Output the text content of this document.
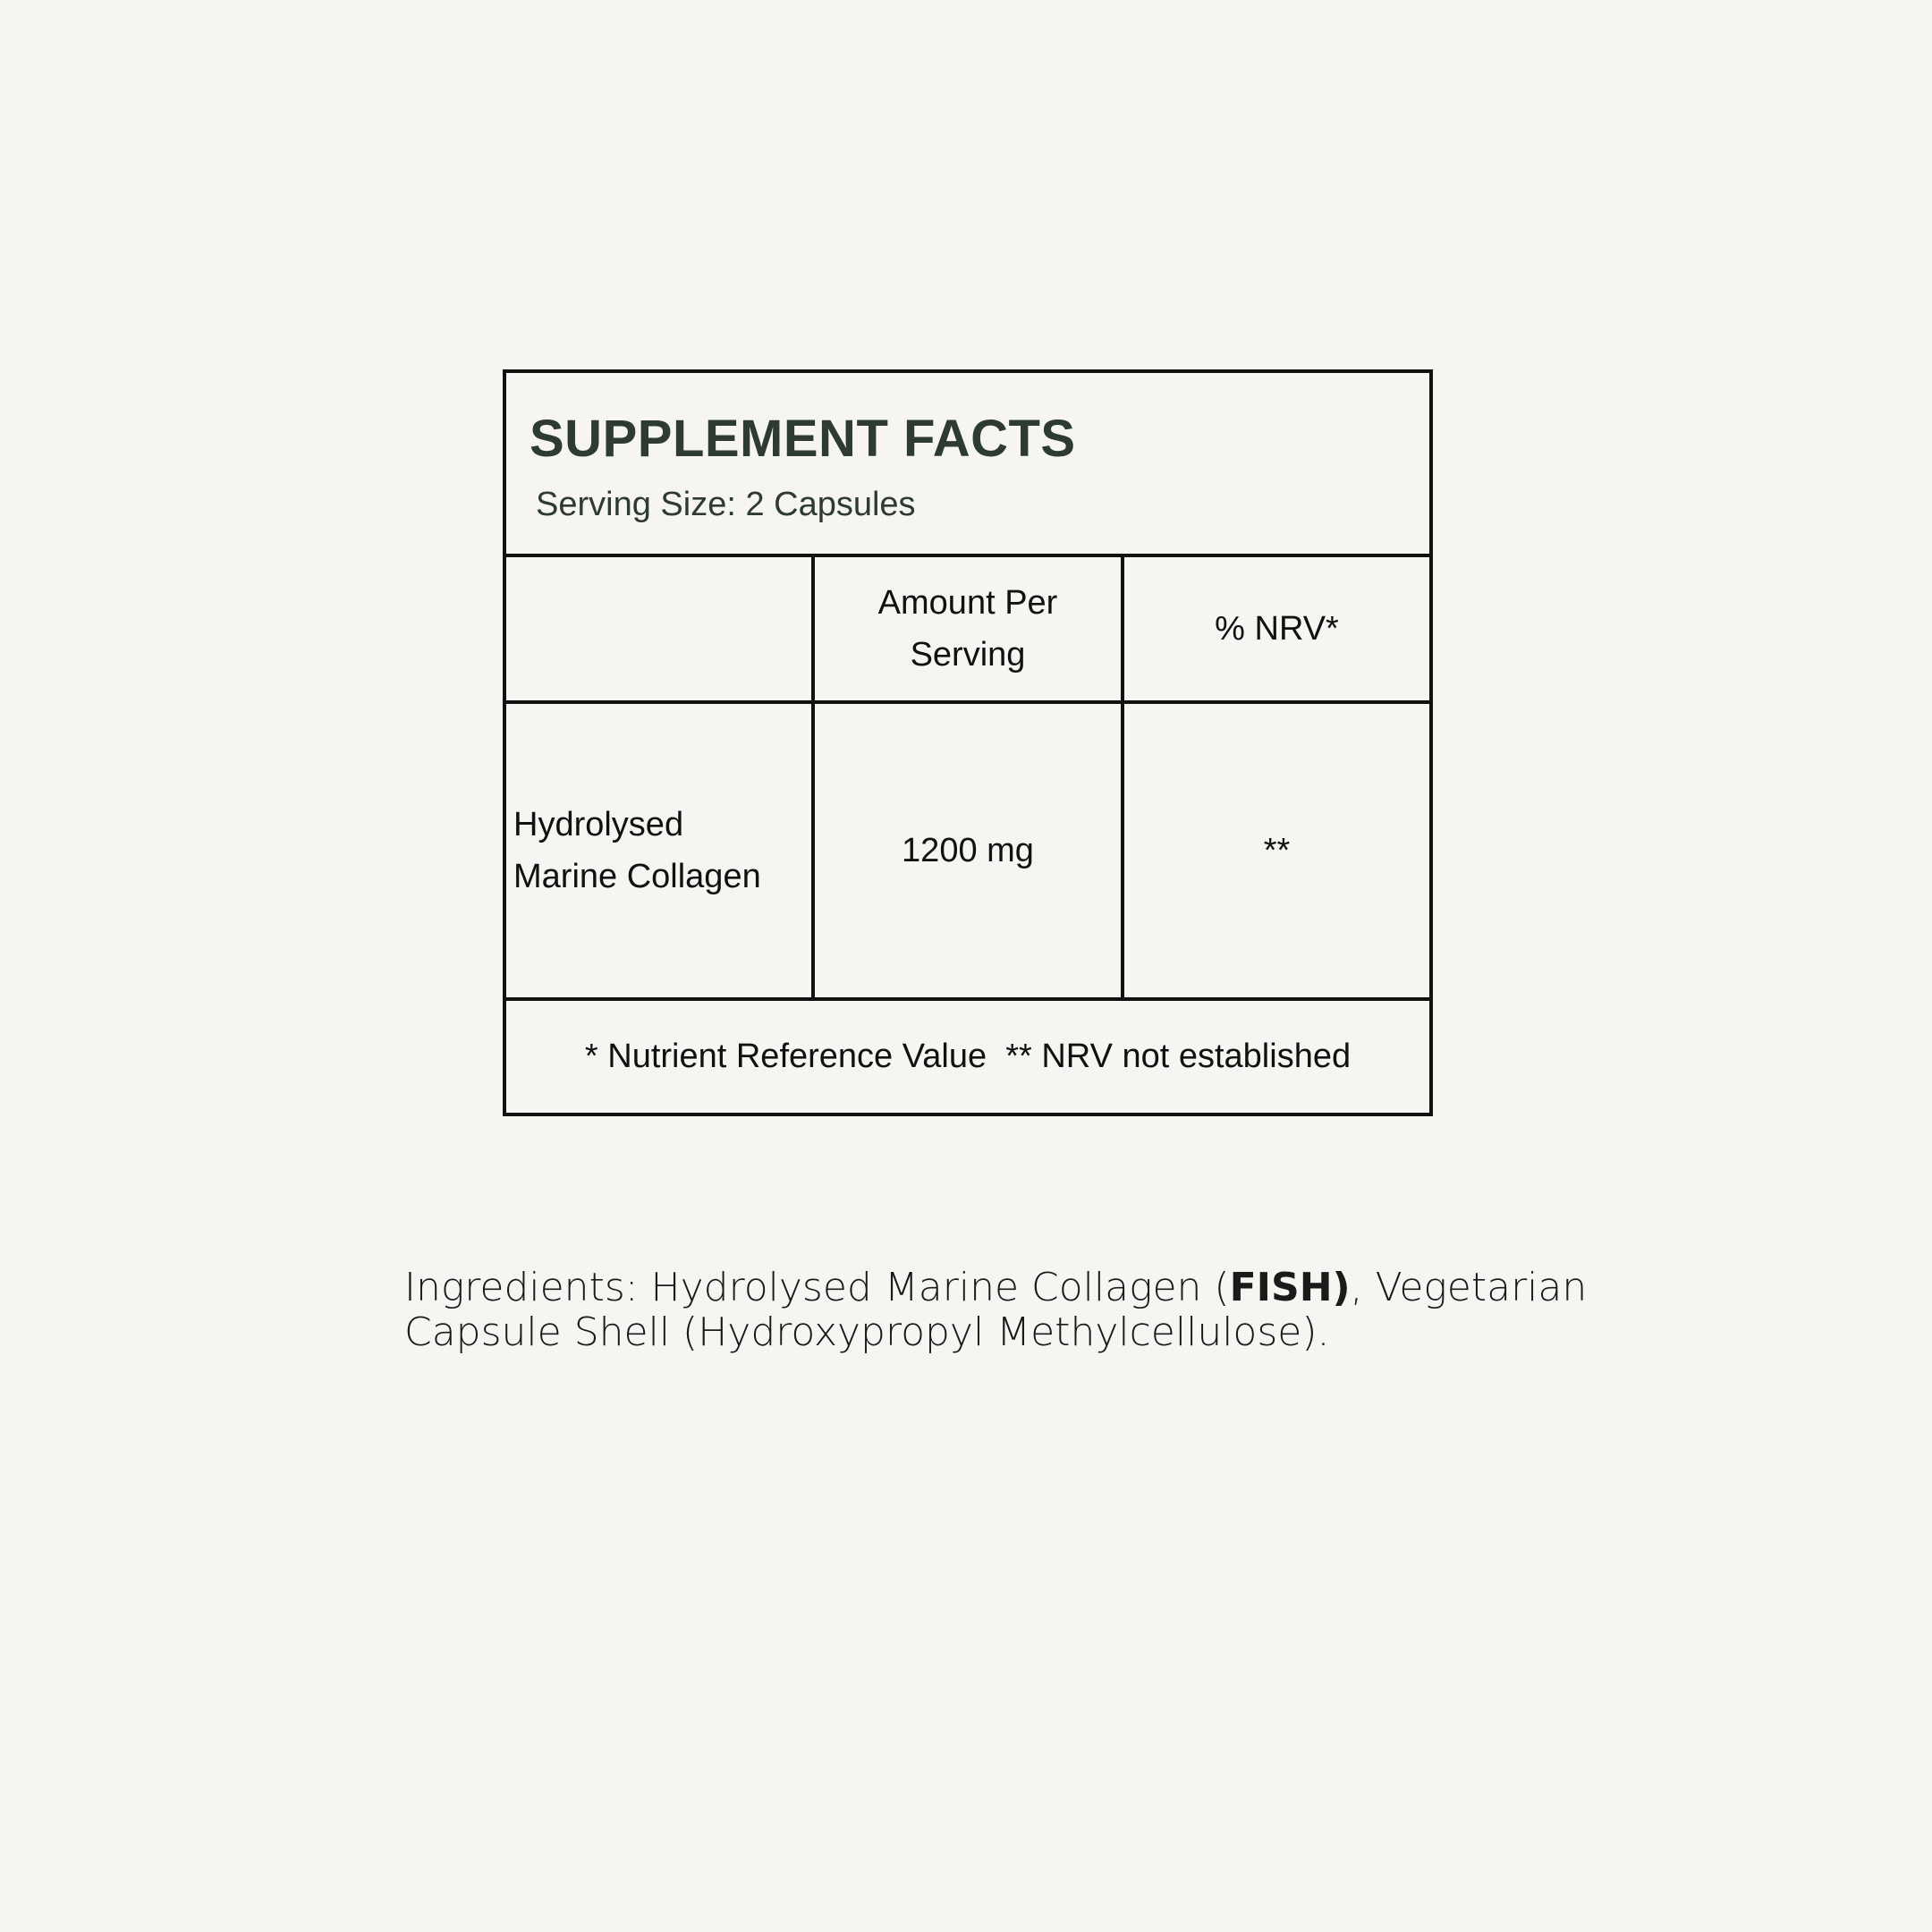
SUPPLEMENT FACTS
Serving Size: 2 Capsules
Amount Per
Serving
% NRV*
Hydrolysed
Marine Collagen
1200 mg	**
* Nutrient Reference Value  ** NRV not established
Ingredients: Hydrolysed Marine Collagen (FISH), Vegetarian Capsule Shell (Hydroxypropyl Methylcellulose).
